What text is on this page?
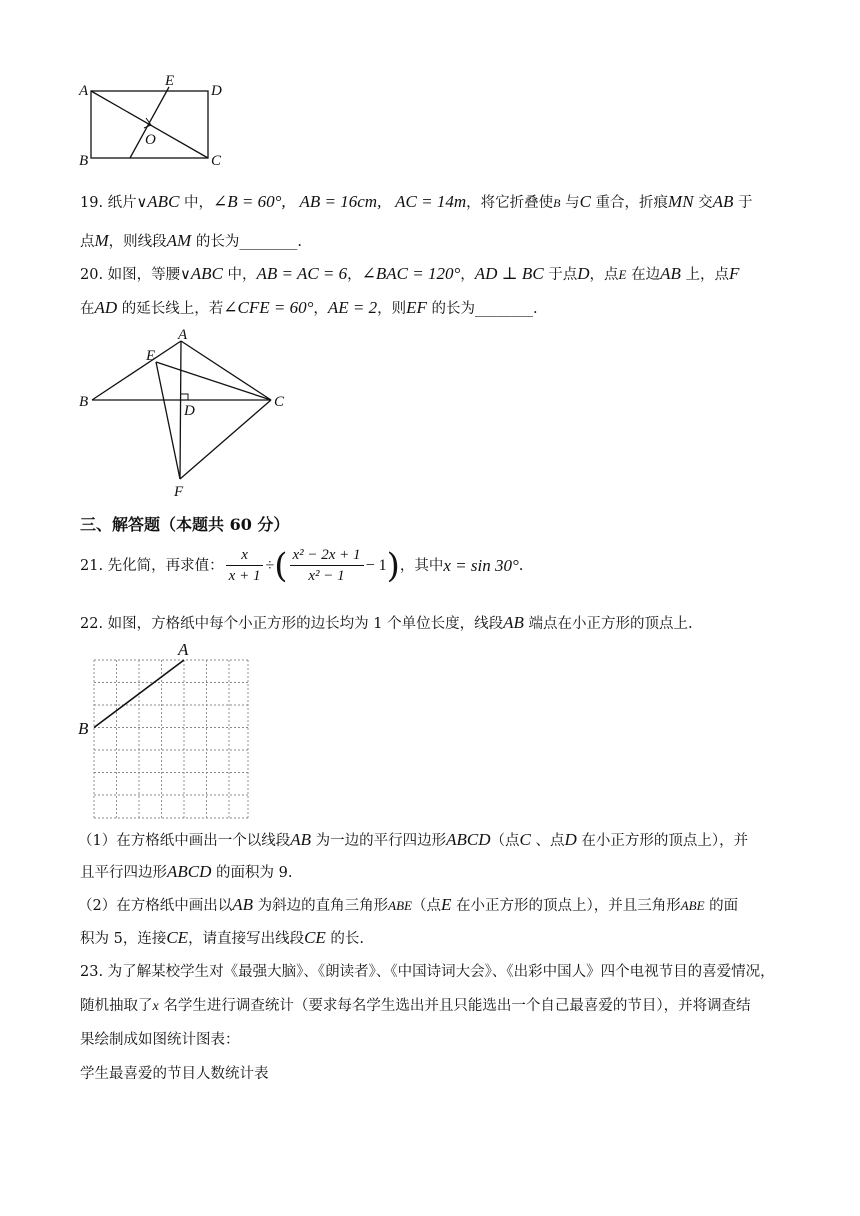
A
E
D
B
O
C
19. 纸片∨ABC 中，∠B = 60°, AB = 16cm, AC = 14m，将它折叠使B 与C 重合，折痕MN 交AB 于
点M，则线段AM 的长为________.
20. 如图，等腰∨ABC 中，AB = AC = 6，∠BAC = 120°，AD ⊥ BC 于点D，点E 在边AB 上，点F
在AD 的延长线上，若∠CFE = 60°，AE = 2，则EF 的长为________.
A
E
B
D
C
F
三、解答题（本题共 60 分）
21. 先化简，再求值： $\frac{x}{x + 1}$ ÷ ( $\frac{\text{x² − 2x + 1}}{\text{x² − 1}} - 1$ ) ，其中 x = sin 30° .
22. 如图，方格纸中每个小正方形的边长均为 1 个单位长度，线段AB 端点在小正方形的顶点上.
A
B
（1）在方格纸中画出一个以线段AB 为一边的平行四边形ABCD（点C 、点D 在小正方形的顶点上），并
且平行四边形ABCD 的面积为 9.
（2）在方格纸中画出以AB 为斜边的直角三角形ABE（点E 在小正方形的顶点上），并且三角形ABE 的面
积为 5，连接CE，请直接写出线段CE 的长.
23. 为了解某校学生对《最强大脑》、《朗读者》、《中国诗词大会》、《出彩中国人》四个电视节目的喜爱情况，
随机抽取了x 名学生进行调查统计（要求每名学生选出并且只能选出一个自己最喜爱的节目），并将调查结
果绘制成如图统计图表：
学生最喜爱的节目人数统计表
